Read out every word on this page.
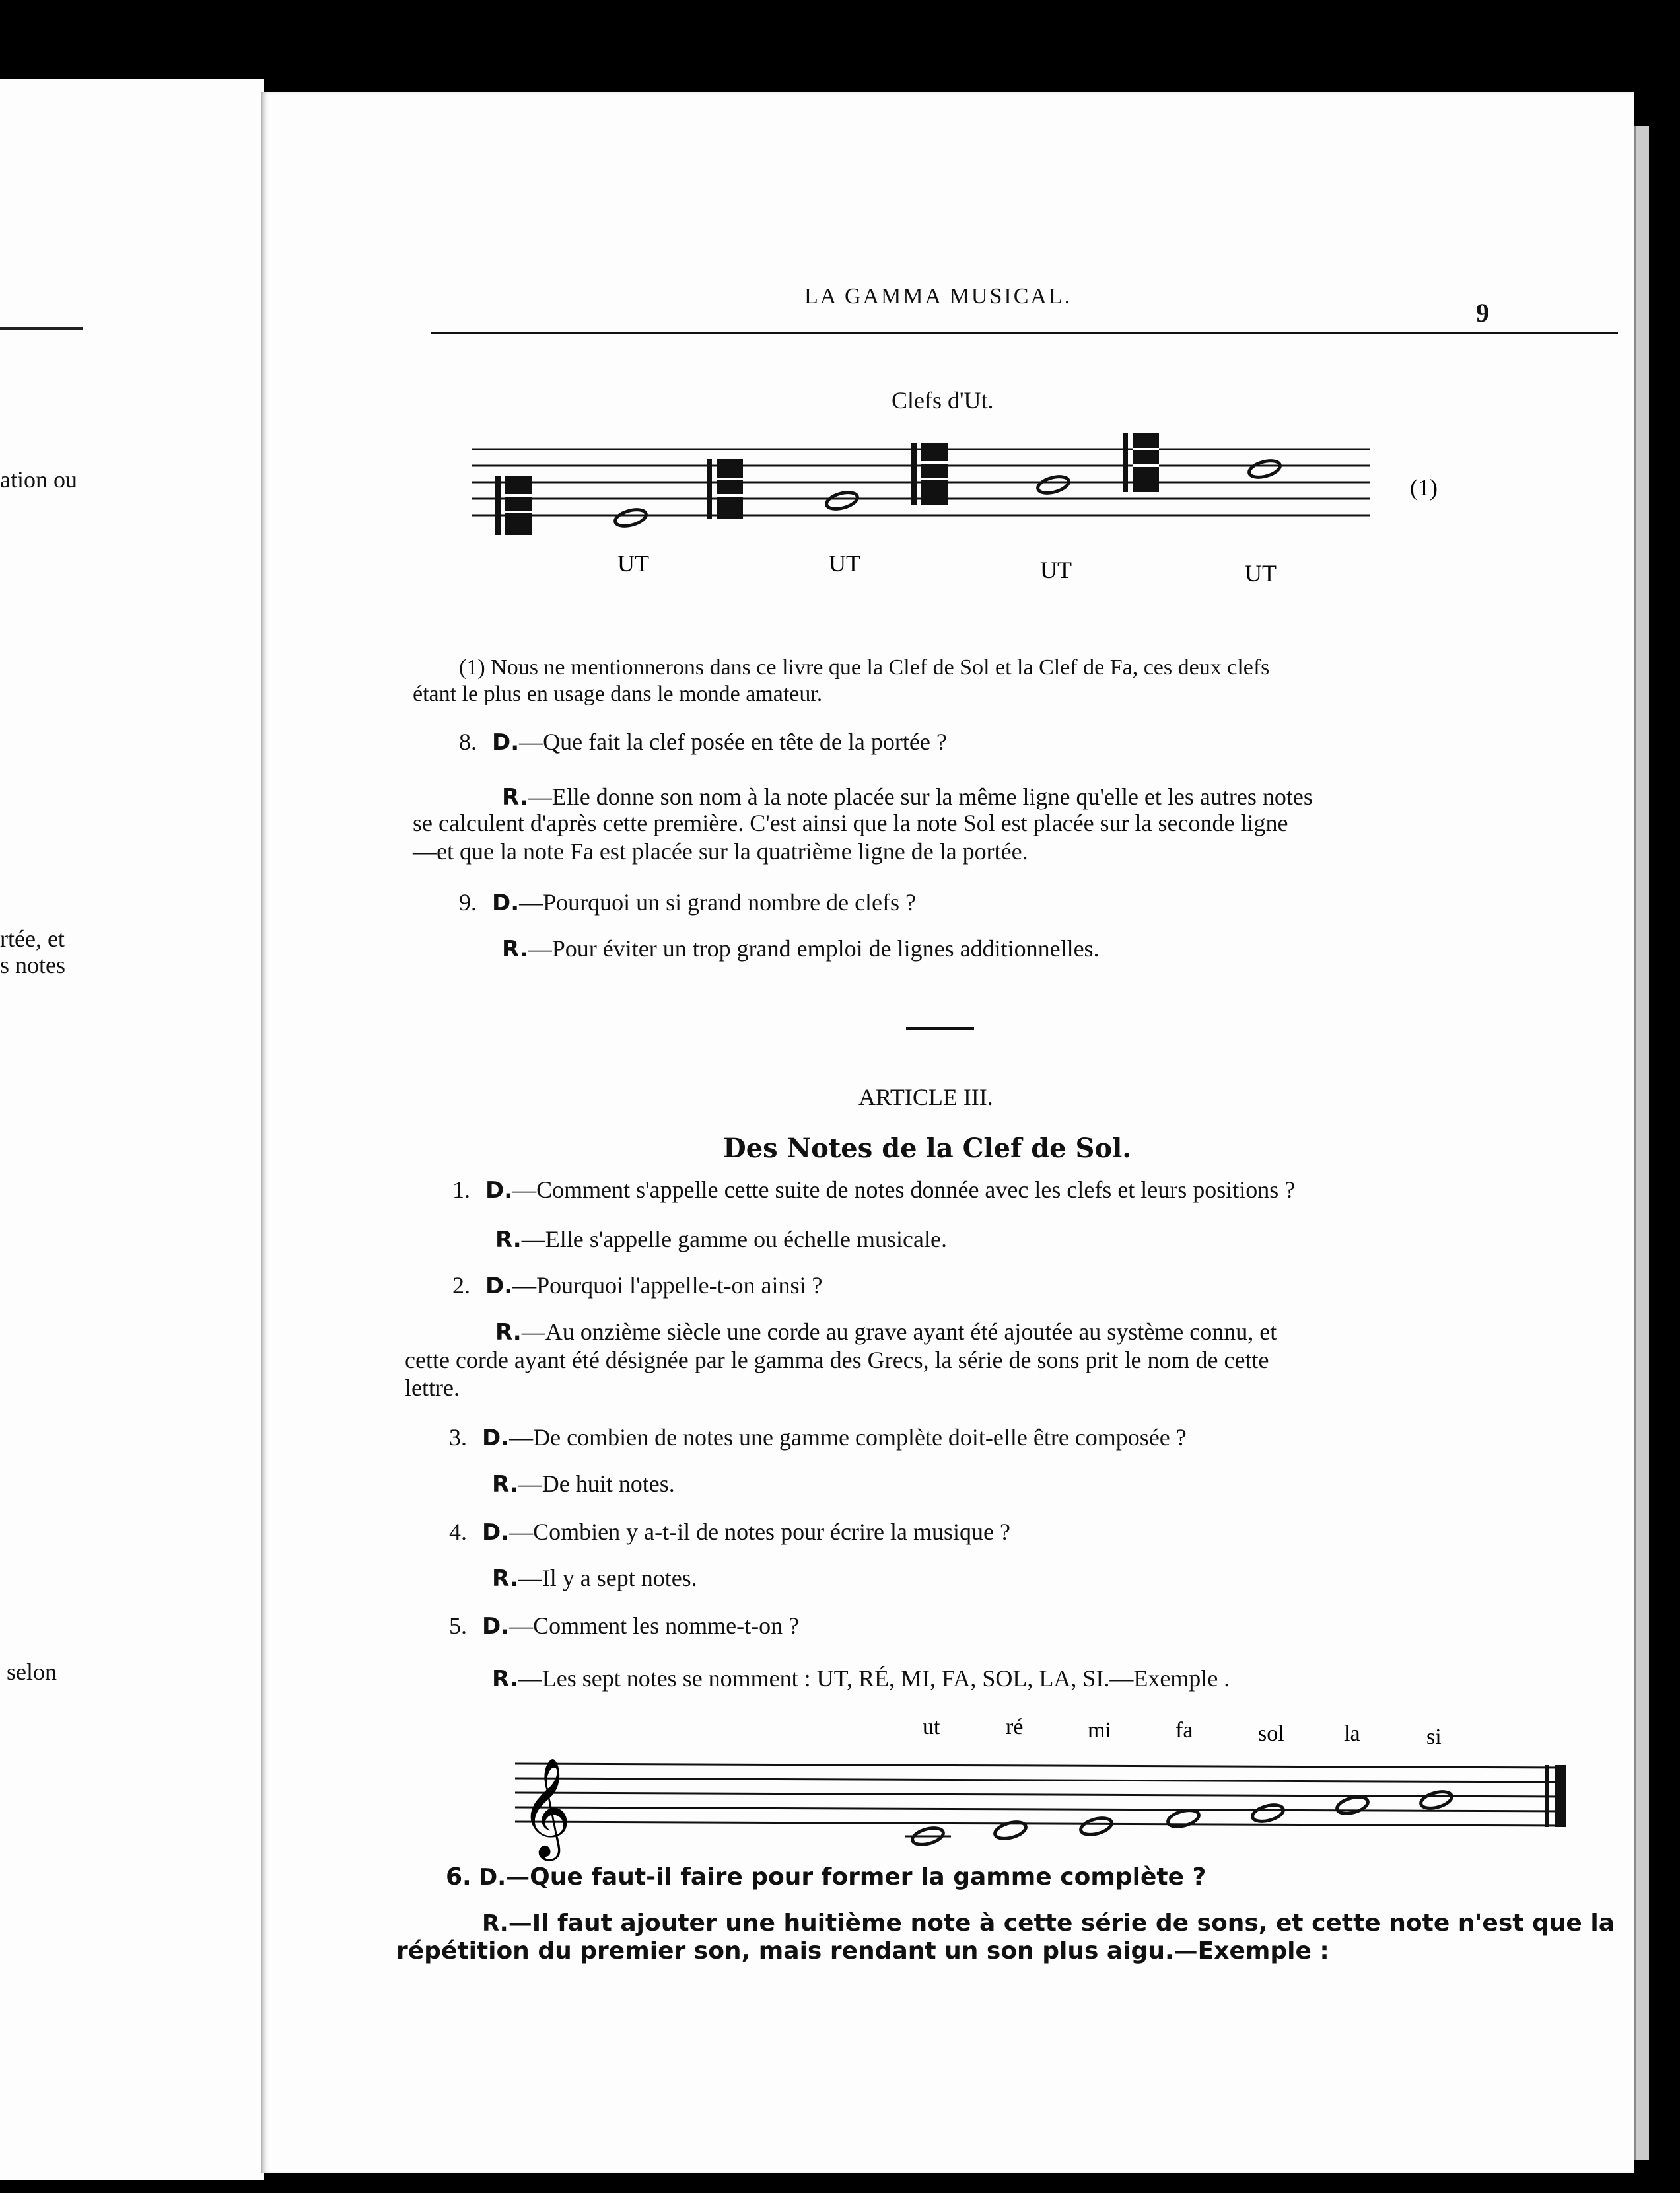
ation ou
rtée, et
s notes
selon
LA GAMMA MUSICAL.
9
Clefs d'Ut.
(1)
UT	UT	UT	UT
(1) Nous ne mentionnerons dans ce livre que la Clef de Sol et la Clef de Fa, ces deux clefs
étant le plus en usage dans le monde amateur.
8. D.—Que fait la clef posée en tête de la portée ?
R.—Elle donne son nom à la note placée sur la même ligne qu'elle et les autres notes
se calculent d'après cette première. C'est ainsi que la note Sol est placée sur la seconde ligne
—et que la note Fa est placée sur la quatrième ligne de la portée.
9. D.—Pourquoi un si grand nombre de clefs ?
R.—Pour éviter un trop grand emploi de lignes additionnelles.
ARTICLE III.
Des Notes de la Clef de Sol.
1. D.—Comment s'appelle cette suite de notes donnée avec les clefs et leurs positions ?
R.—Elle s'appelle gamme ou échelle musicale.
2. D.—Pourquoi l'appelle-t-on ainsi ?
R.—Au onzième siècle une corde au grave ayant été ajoutée au système connu, et
cette corde ayant été désignée par le gamma des Grecs, la série de sons prit le nom de cette
lettre.
3. D.—De combien de notes une gamme complète doit-elle être composée ?
R.—De huit notes.
4. D.—Combien y a-t-il de notes pour écrire la musique ?
R.—Il y a sept notes.
5. D.—Comment les nomme-t-on ?
R.—Les sept notes se nomment : UT, RÉ, MI, FA, SOL, LA, SI.—Exemple .
ut	ré	mi	fa	sol	la	si
𝄞
6. D.—Que faut-il faire pour former la gamme complète ?
R.—Il faut ajouter une huitième note à cette série de sons, et cette note n'est que la
répétition du premier son, mais rendant un son plus aigu.—Exemple :
